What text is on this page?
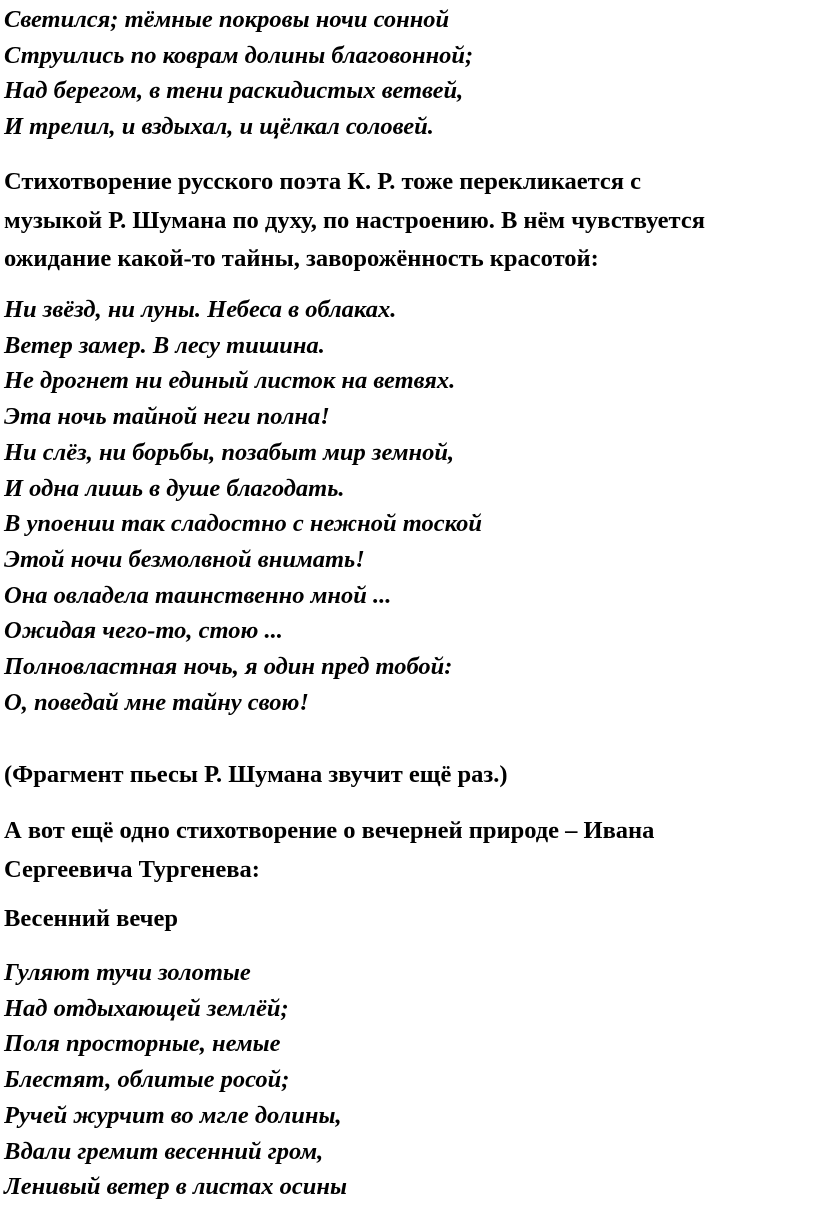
Светился; тёмные покровы ночи сонной
Струились по коврам долины благовонной;
Над берегом, в тени раскидистых ветвей,
И трелил, и вздыхал, и щёлкал соловей.
Стихотворение русского поэта К. Р. тоже перекликается с
музыкой Р. Шумана по духу, по настроению. В нём чувствуется
ожидание какой-то тайны, заворожённость красотой:
Ни звёзд, ни луны. Небеса в облаках.
Ветер замер. В лесу тишина.
Не дрогнет ни единый листок на ветвях.
Эта ночь тайной неги полна!
Ни слёз, ни борьбы, позабыт мир земной,
И одна лишь в душе благодать.
В упоении так сладостно с нежной тоской
Этой ночи безмолвной внимать!
Она овладела таинственно мной ...
Ожидая чего-то, стою ...
Полновластная ночь, я один пред тобой:
О, поведай мне тайну свою!
(Фрагмент пьесы Р. Шумана звучит ещё раз.)
А вот ещё одно стихотворение о вечерней природе – Ивана
Сергеевича Тургенева:
Весенний вечер
Гуляют тучи золотые
Над отдыхающей землёй;
Поля просторные, немые
Блестят, облитые росой;
Ручей журчит во мгле долины,
Вдали гремит весенний гром,
Ленивый ветер в листах осины
